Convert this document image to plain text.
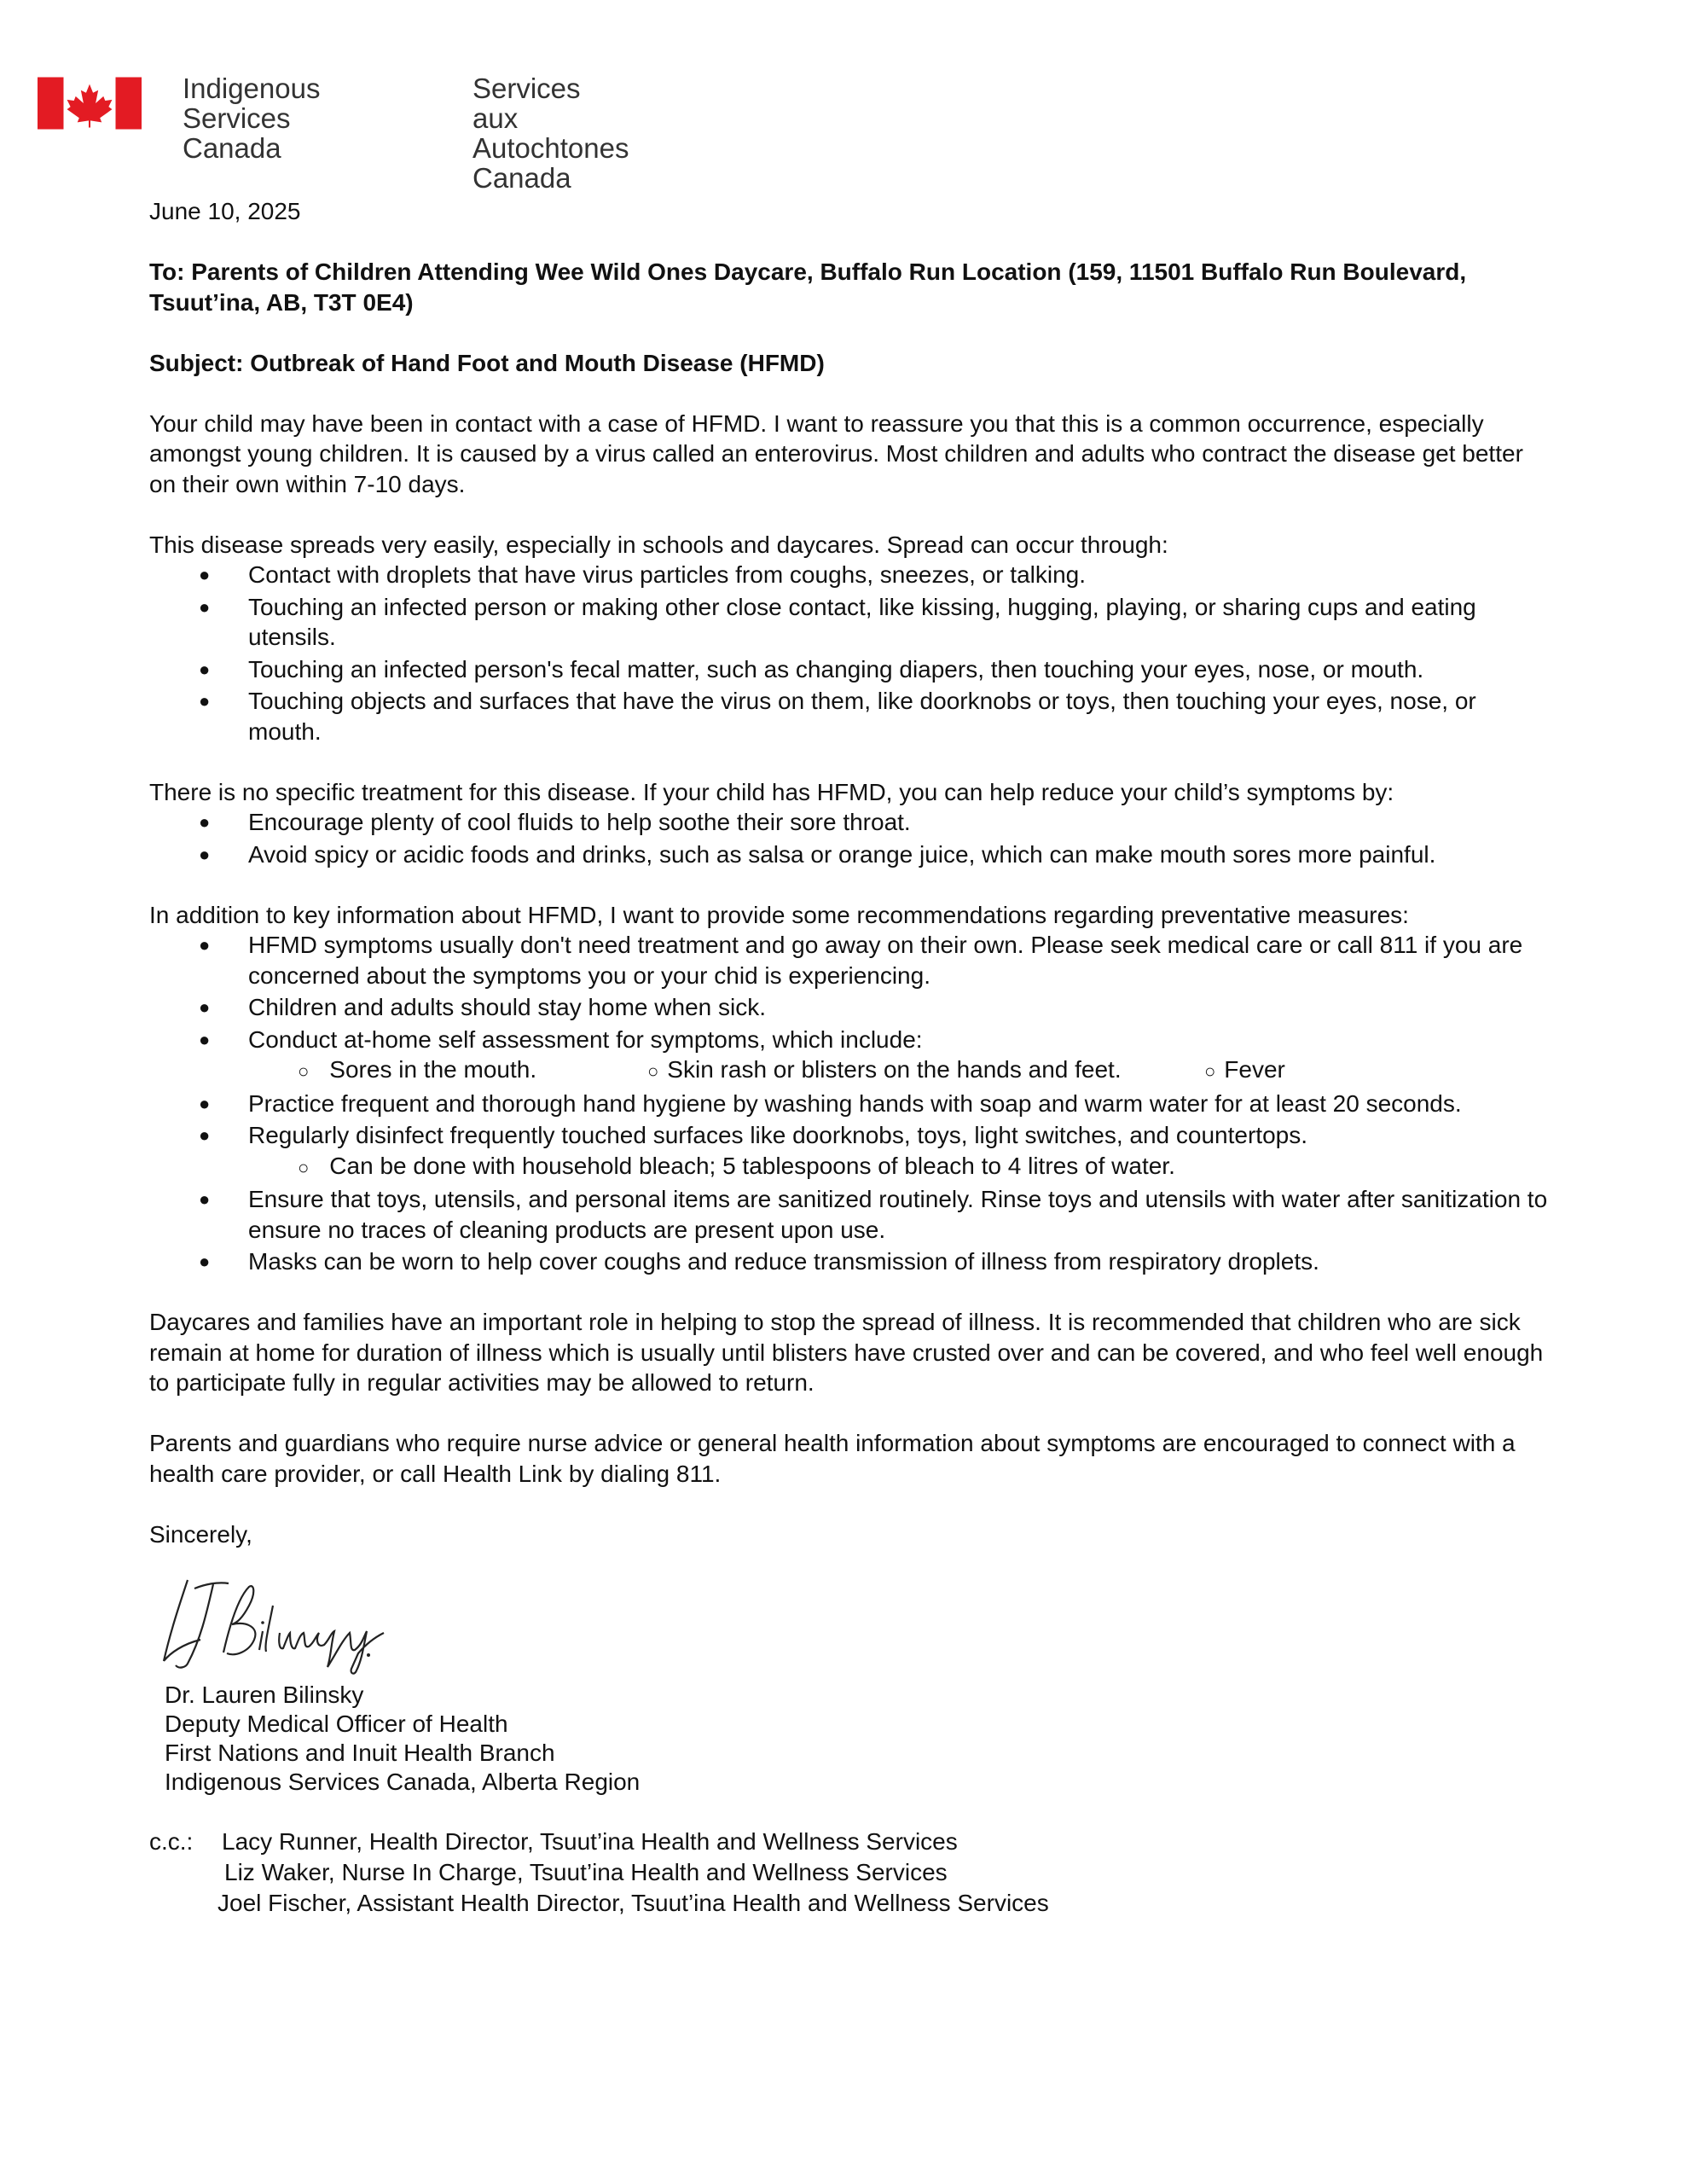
Indigenous Services
Canada
Services aux
Autochtones Canada

June 10, 2025

To: Parents of Children Attending Wee Wild Ones Daycare, Buffalo Run Location (159, 11501 Buffalo Run Boulevard, Tsuut’ina, AB, T3T 0E4)

Subject: Outbreak of Hand Foot and Mouth Disease (HFMD)

Your child may have been in contact with a case of HFMD. I want to reassure you that this is a common occurrence, especially amongst young children. It is caused by a virus called an enterovirus. Most children and adults who contract the disease get better on their own within 7-10 days.

This disease spreads very easily, especially in schools and daycares. Spread can occur through:
● Contact with droplets that have virus particles from coughs, sneezes, or talking.
● Touching an infected person or making other close contact, like kissing, hugging, playing, or sharing cups and eating utensils.
● Touching an infected person's fecal matter, such as changing diapers, then touching your eyes, nose, or mouth.
● Touching objects and surfaces that have the virus on them, like doorknobs or toys, then touching your eyes, nose, or mouth.
There is no specific treatment for this disease. If your child has HFMD, you can help reduce your child’s symptoms by:
● Encourage plenty of cool fluids to help soothe their sore throat.
● Avoid spicy or acidic foods and drinks, such as salsa or orange juice, which can make mouth sores more painful.
In addition to key information about HFMD, I want to provide some recommendations regarding preventative measures:
● HFMD symptoms usually don't need treatment and go away on their own. Please seek medical care or call 811 if you are concerned about the symptoms you or your chid is experiencing.
● Children and adults should stay home when sick.
● Conduct at-home self assessment for symptoms, which include:
○ Sores in the mouth.	○ Skin rash or blisters on the hands and feet.	○ Fever
● Practice frequent and thorough hand hygiene by washing hands with soap and warm water for at least 20 seconds.
● Regularly disinfect frequently touched surfaces like doorknobs, toys, light switches, and countertops.
○ Can be done with household bleach; 5 tablespoons of bleach to 4 litres of water.
● Ensure that toys, utensils, and personal items are sanitized routinely. Rinse toys and utensils with water after sanitization to ensure no traces of cleaning products are present upon use.
● Masks can be worn to help cover coughs and reduce transmission of illness from respiratory droplets.

Daycares and families have an important role in helping to stop the spread of illness. It is recommended that children who are sick remain at home for duration of illness which is usually until blisters have crusted over and can be covered, and who feel well enough to participate fully in regular activities may be allowed to return.

Parents and guardians who require nurse advice or general health information about symptoms are encouraged to connect with a health care provider, or call Health Link by dialing 811.

Sincerely,

Dr. Lauren Bilinsky
Deputy Medical Officer of Health
First Nations and Inuit Health Branch
Indigenous Services Canada, Alberta Region
c.c.:	Lacy Runner, Health Director, Tsuut’ina Health and Wellness Services
Liz Waker, Nurse In Charge, Tsuut’ina Health and Wellness Services
Joel Fischer, Assistant Health Director, Tsuut’ina Health and Wellness Services
